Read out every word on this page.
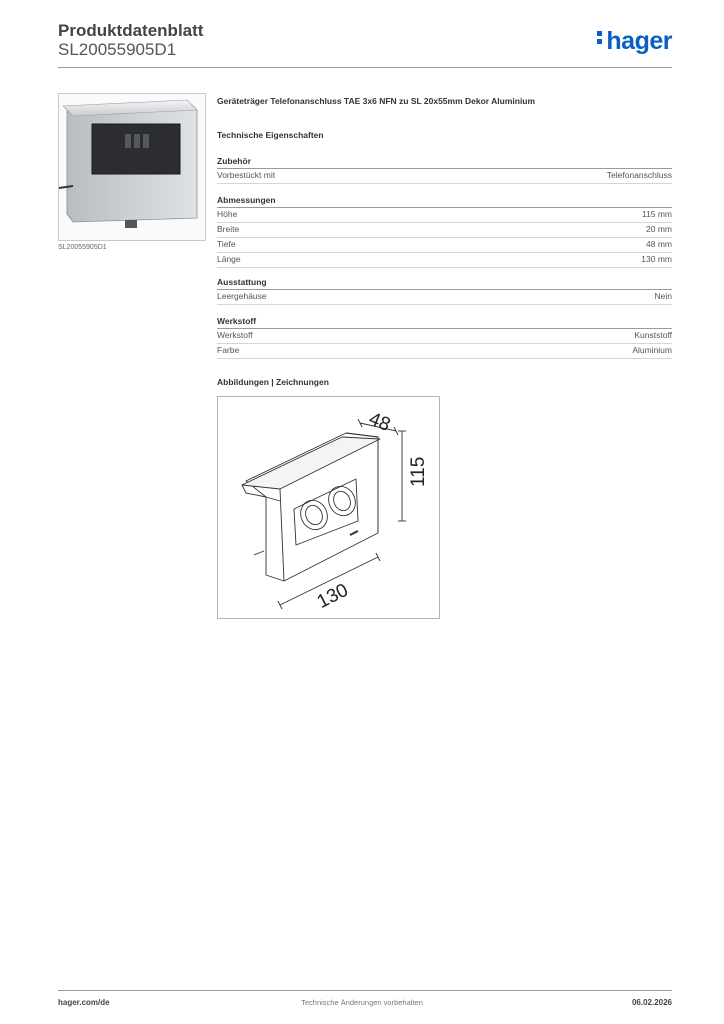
Produktdatenblatt
SL20055905D1	hager
SL20055905D1
Geräteträger Telefonanschluss TAE 3x6 NFN zu SL 20x55mm Dekor Aluminium
Technische Eigenschaften
Zubehör
Vorbestückt mit	Telefonanschluss
Abmessungen
Höhe	115 mm
Breite	20 mm
Tiefe	48 mm
Länge	130 mm
Ausstattung
Leergehäuse	Nein
Werkstoff
Werkstoff	Kunststoff
Farbe	Aluminium
Abbildungen | Zeichnungen
48
115
130
hager.com/de	Technische Änderungen vorbehalten	06.02.2026
